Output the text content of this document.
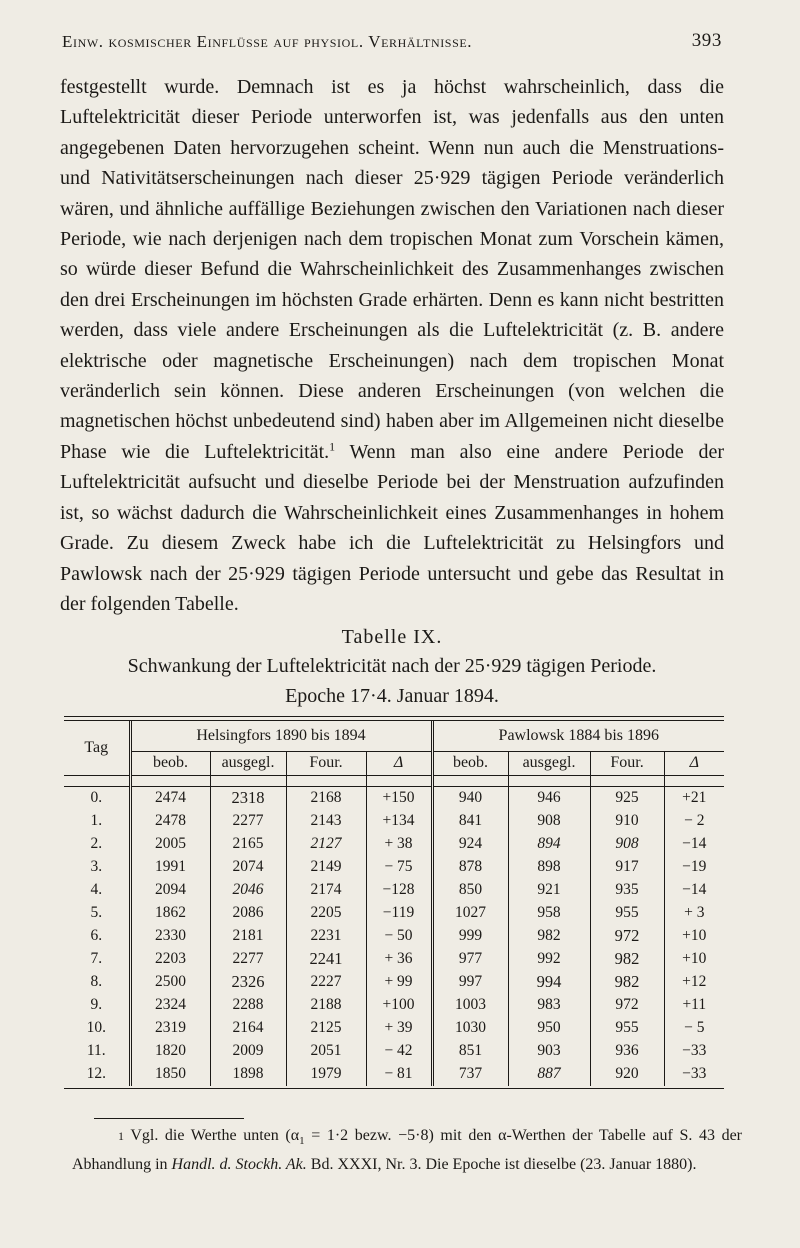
Einw. kosmischer Einflüsse auf physiol. Verhältnisse.	393

festgestellt wurde. Demnach ist es ja höchst wahrscheinlich, dass die Luftelektricität dieser Periode unterworfen ist, was jedenfalls aus den unten angegebenen Daten hervorzugehen scheint. Wenn nun auch die Menstruations- und Nativitätserscheinungen nach dieser 25·929 tägigen Periode veränderlich wären, und ähnliche auffällige Beziehungen zwischen den Variationen nach dieser Periode, wie nach derjenigen nach dem tropischen Monat zum Vorschein kämen, so würde dieser Befund die Wahrscheinlichkeit des Zusammenhanges zwischen den drei Erscheinungen im höchsten Grade erhärten. Denn es kann nicht bestritten werden, dass viele andere Erscheinungen als die Luftelektricität (z. B. andere elektrische oder magnetische Erscheinungen) nach dem tropischen Monat veränderlich sein können. Diese anderen Erscheinungen (von welchen die magnetischen höchst unbedeutend sind) haben aber im Allgemeinen nicht dieselbe Phase wie die Luftelektricität.$^1$ Wenn man also eine andere Periode der Luftelektricität aufsucht und dieselbe Periode bei der Menstruation aufzufinden ist, so wächst dadurch die Wahrscheinlichkeit eines Zusammenhanges in hohem Grade. Zu diesem Zweck habe ich die Luftelektricität zu Helsingfors und Pawlowsk nach der 25·929 tägigen Periode untersucht und gebe das Resultat in der folgenden Tabelle.

Tabelle IX.
Schwankung der Luftelektricität nach der 25·929 tägigen Periode.
Epoche 17·4. Januar 1894.
Tag	Helsingfors 1890 bis 1894				Pawlowsk 1884 bis 1896			
	beob.	ausgegl.	Four.	Δ	beob.	ausgegl.	Four.	Δ

0.	2474	2318	2168	+150	940	946	925	+21
1.	2478	2277	2143	+134	841	908	910	− 2
2.	2005	2165	2127	+ 38	924	894	908	−14
3.	1991	2074	2149	− 75	878	898	917	−19
4.	2094	2046	2174	−128	850	921	935	−14
5.	1862	2086	2205	−119	1027	958	955	+ 3
6.	2330	2181	2231	− 50	999	982	972	+10
7.	2203	2277	2241	+ 36	977	992	982	+10
8.	2500	2326	2227	+ 99	997	994	982	+12
9.	2324	2288	2188	+100	1003	983	972	+11
10.	2319	2164	2125	+ 39	1030	950	955	− 5
11.	1820	2009	2051	− 42	851	903	936	−33
12.	1850	1898	1979	− 81	737	887	920	−33

1 Vgl. die Werthe unten ($\alpha_1 = 1\cdot 2$ bezw. −5·8) mit den α-Werthen der Tabelle auf S. 43 der Abhandlung in Handl. d. Stockh. Ak. Bd. XXXI, Nr. 3. Die Epoche ist dieselbe (23. Januar 1880).
